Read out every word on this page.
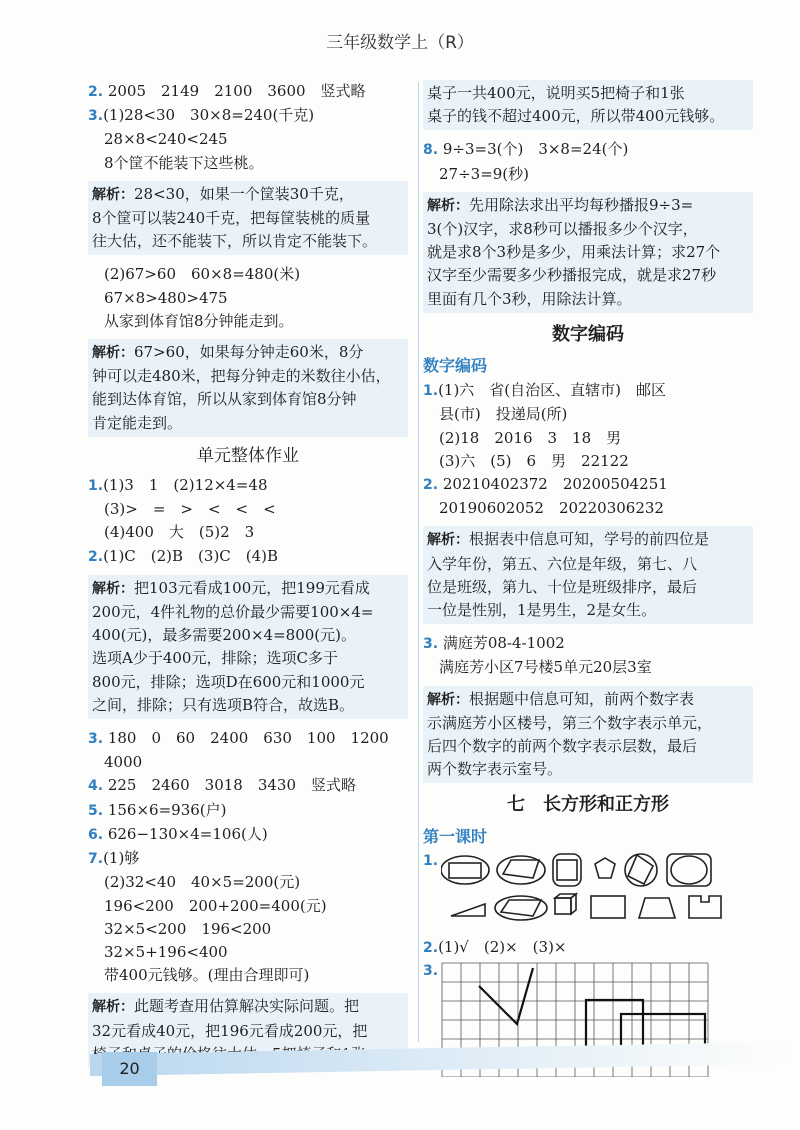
三年级数学上（R）
2. 2005　2149　2100　3600　竖式略
3.(1)28<30　30×8=240(千克)
28×8<240<245
8个筐不能装下这些桃。
解析：28<30，如果一个筐装30千克，
8个筐可以装240千克，把每筐装桃的质量
往大估，还不能装下，所以肯定不能装下。
(2)67>60　60×8=480(米)
67×8>480>475
从家到体育馆8分钟能走到。
解析：67>60，如果每分钟走60米，8分
钟可以走480米，把每分钟走的米数往小估，
能到达体育馆，所以从家到体育馆8分钟
肯定能走到。
单元整体作业
1.(1)3　1　(2)12×4=48
(3)>　=　>　<　<　<
(4)400　大　(5)2　3
2.(1)C　(2)B　(3)C　(4)B
解析：把103元看成100元，把199元看成
200元，4件礼物的总价最少需要100×4=
400(元)，最多需要200×4=800(元)。
选项A少于400元，排除；选项C多于
800元，排除；选项D在600元和1000元
之间，排除；只有选项B符合，故选B。
3. 180　0　60　2400　630　100　1200
4000
4. 225　2460　3018　3430　竖式略
5. 156×6=936(户)
6. 626−130×4=106(人)
7.(1)够
(2)32<40　40×5=200(元)
196<200　200+200=400(元)
32×5<200　196<200
32×5+196<400
带400元钱够。(理由合理即可)
解析：此题考查用估算解决实际问题。把
32元看成40元，把196元看成200元，把
桌子一共400元，说明买5把椅子和1张
桌子的钱不超过400元，所以带400元钱够。
8. 9÷3=3(个)　3×8=24(个)
27÷3=9(秒)
解析：先用除法求出平均每秒播报9÷3=
3(个)汉字，求8秒可以播报多少个汉字，
就是求8个3秒是多少，用乘法计算；求27个
汉字至少需要多少秒播报完成，就是求27秒
里面有几个3秒，用除法计算。
数字编码
数字编码
1.(1)六　省(自治区、直辖市)　邮区
县(市)　投递局(所)
(2)18　2016　3　18　男
(3)六　(5)　6　男　22122
2. 20210402372　20200504251
20190602052　20220306232
解析：根据表中信息可知，学号的前四位是
入学年份，第五、六位是年级，第七、八
位是班级，第九、十位是班级排序，最后
一位是性别，1是男生，2是女生。
3. 满庭芳08-4-1002
满庭芳小区7号楼5单元20层3室
解析：根据题中信息可知，前两个数字表
示满庭芳小区楼号，第三个数字表示单元，
后四个数字的前两个数字表示层数，最后
两个数字表示室号。
七　长方形和正方形
第一课时
1.
2.(1)√　(2)×　(3)×
3.
20
